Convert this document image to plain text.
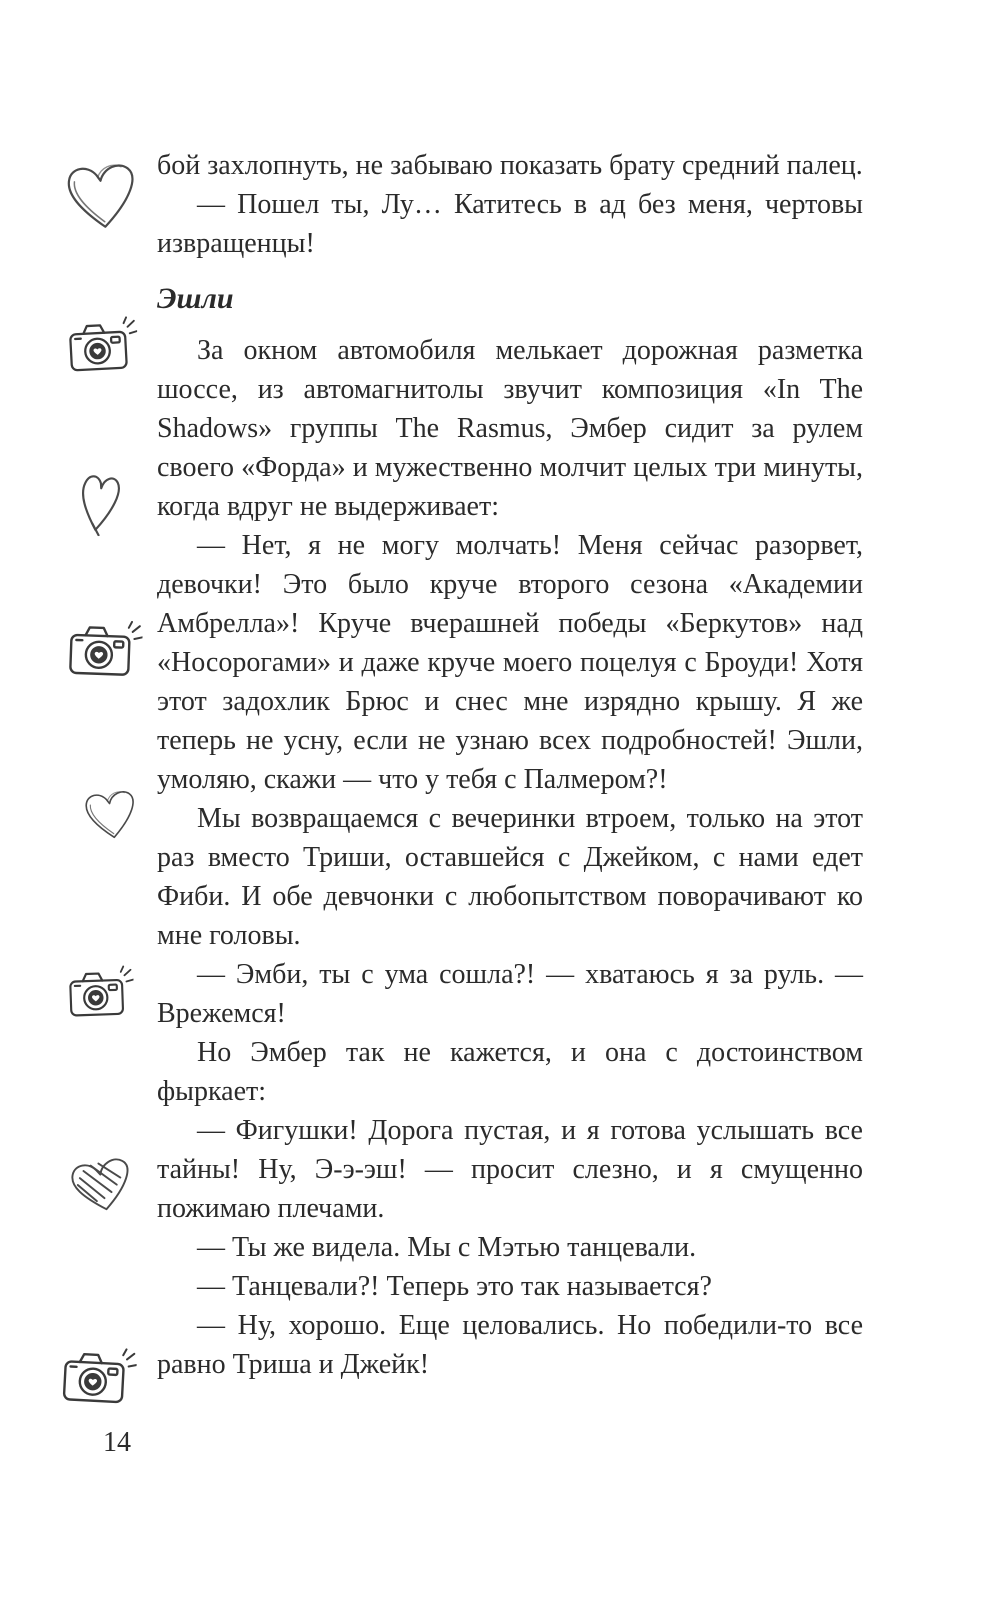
бой захлопнуть, не забываю показать брату средний палец.

— Пошел ты, Лу… Катитесь в ад без меня, чертовы извращенцы!

Эшли

За окном автомобиля мелькает дорожная разметка шоссе, из автомагнитолы звучит композиция «In The Shadows» группы The Rasmus, Эмбер сидит за рулем своего «Форда» и мужественно молчит целых три минуты, когда вдруг не выдерживает:

— Нет, я не могу молчать! Меня сейчас разорвет, девочки! Это было круче второго сезона «Академии Амбрелла»! Круче вчерашней победы «Беркутов» над «Носорогами» и даже круче моего поцелуя с Броуди! Хотя этот задохлик Брюс и снес мне изрядно крышу. Я же теперь не усну, если не узнаю всех подробностей! Эшли, умоляю, скажи — что у тебя с Палмером?!

Мы возвращаемся с вечеринки втроем, только на этот раз вместо Триши, оставшейся с Джейком, с нами едет Фиби. И обе девчонки с любопытством поворачивают ко мне головы.

— Эмби, ты с ума сошла?! — хватаюсь я за руль. — Врежемся!

Но Эмбер так не кажется, и она с достоинством фыркает:

— Фигушки! Дорога пустая, и я готова услышать все тайны! Ну, Э-э-эш! — просит слезно, и я смущенно пожимаю плечами.

— Ты же видела. Мы с Мэтью танцевали.

— Танцевали?! Теперь это так называется?

— Ну, хорошо. Еще целовались. Но победили-то все равно Триша и Джейк!

14
